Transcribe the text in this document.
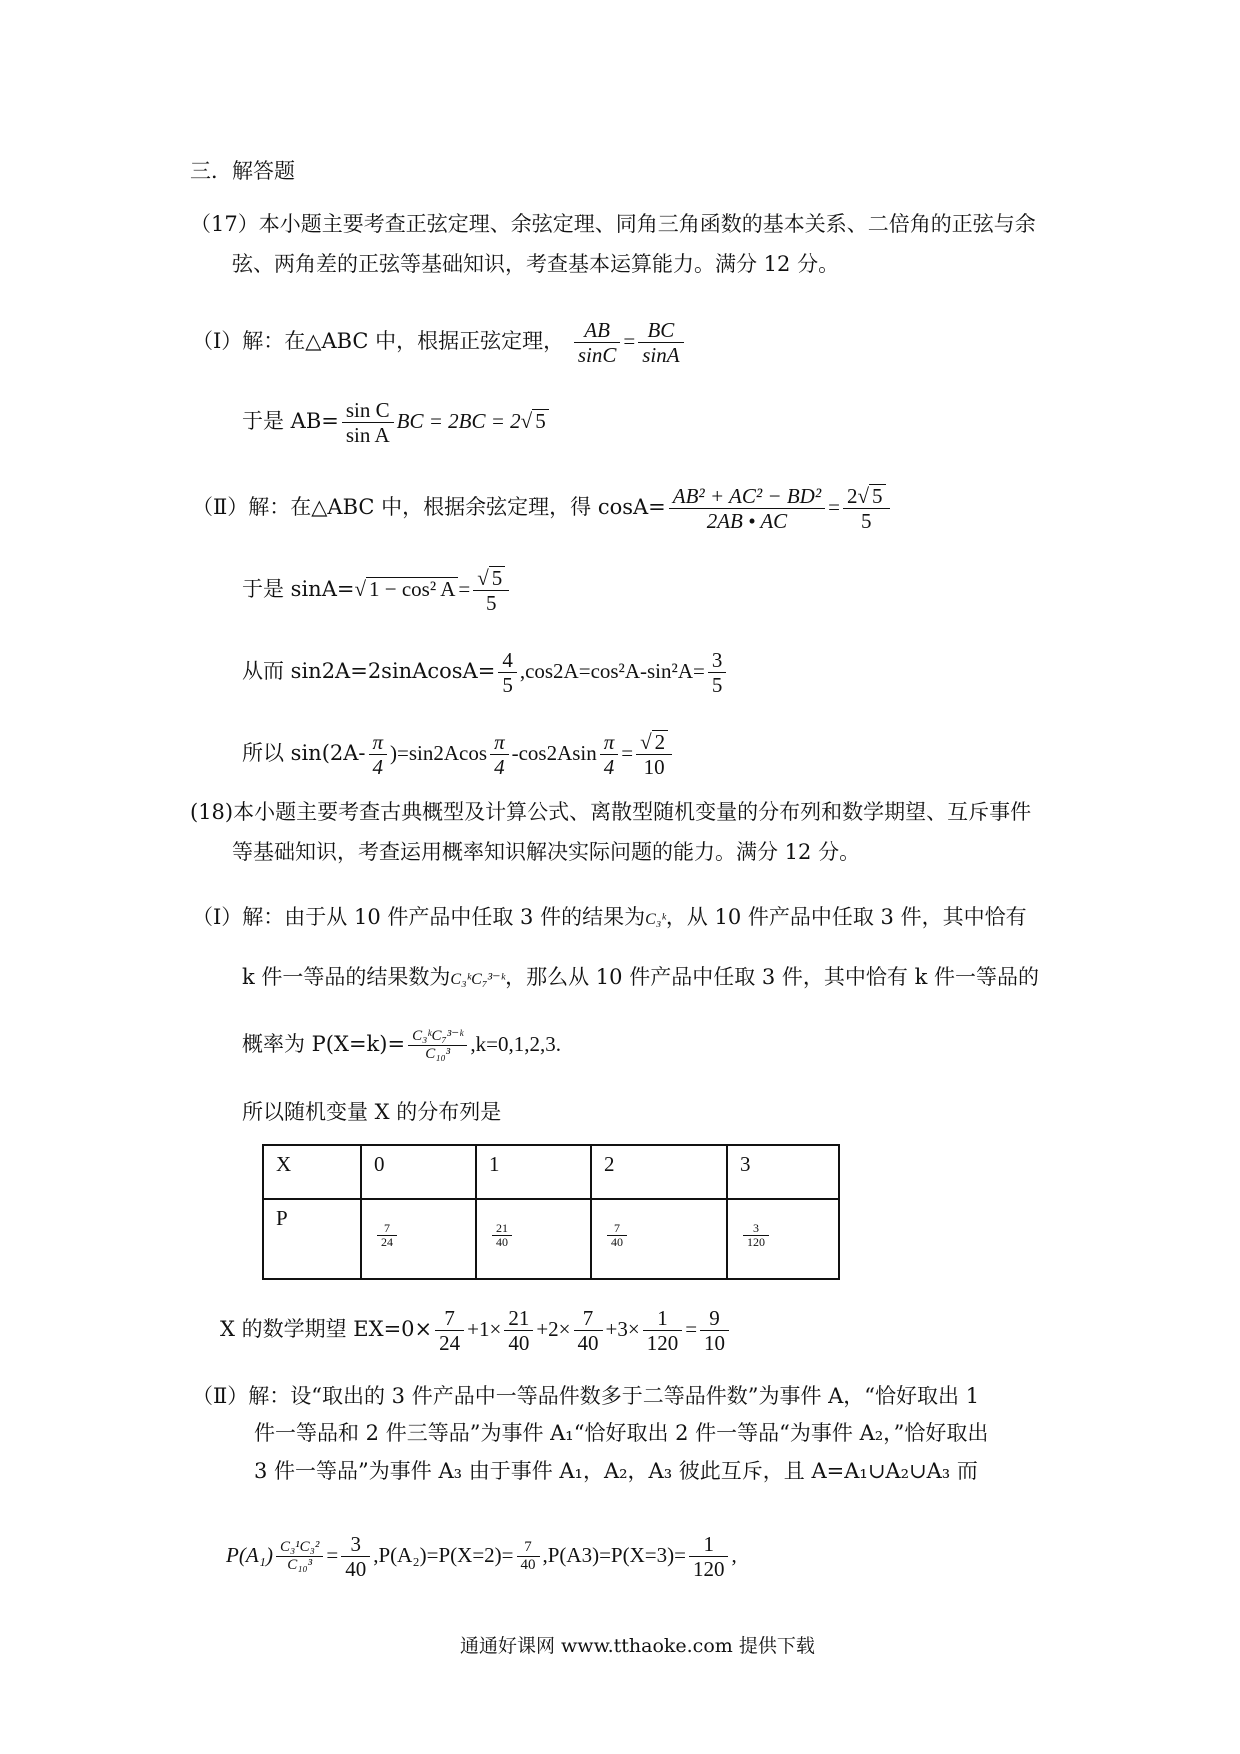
三．解答题
（17）本小题主要考查正弦定理、余弦定理、同角三角函数的基本关系、二倍角的正弦与余
弦、两角差的正弦等基础知识，考查基本运算能力。满分 12 分。
（Ⅰ）解：在△ABC 中，根据正弦定理， $\frac{AB}{\sin C} = \frac{BC}{\sin A}$
于是 $AB= \frac{\text{sin C}}{\text{sin A}}$ BC = 2BC = 2√ 5
（Ⅱ）解：在△ABC 中，根据余弦定理，得 $\cos A= \frac{\text{AB² + AC² − BD²}}{2AB • AC} = \frac{2√ 5}{5}$
于是 sinA=√ 1 − cos² $A = \frac{√ 5}{5}$
从而 sin2A=2sinAcosA= $\frac{4}{5} ,\cos 2A=\cos^2A-\sin^2A= \frac{3}{5}$
所以 $\sin(2A- \frac{\pi}{4} )=\sin 2Acos \frac{\pi}{4} -\cos 2Asin \frac{\pi}{4} = \frac{√ 2}{10}$
(18)本小题主要考查古典概型及计算公式、离散型随机变量的分布列和数学期望、互斥事件
等基础知识，考查运用概率知识解决实际问题的能力。满分 12 分。
（Ⅰ）解：由于从 10 件产品中任取 3 件的结果为C₃ᵏ，从 10 件产品中任取 3 件，其中恰有
k 件一等品的结果数为C₃ᵏC₇³⁻ᵏ，那么从 10 件产品中任取 3 件，其中恰有 k 件一等品的
概率为 $P(X=k)= \frac{\text{C₃ᵏC₇³⁻ᵏ}}{\text{C₁₀³}} ,k=0,1,2,3$.
所以随机变量 X 的分布列是
X	0	1	2	3
P	$\frac{7}{24}$	$\frac{21}{40}$	$\frac{7}{40}$	$\frac{3}{120}$
X 的数学期望 $EX=0\times \frac{7}{24} +1\times \frac{21}{40} +2\times \frac{7}{40} +3\times \frac{1}{120} = \frac{9}{10}$
（Ⅱ）解：设“取出的 3 件产品中一等品件数多于二等品件数”为事件 A，“恰好取出 1
件一等品和 2 件三等品”为事件 A₁“恰好取出 2 件一等品“为事件 A₂，”恰好取出
3 件一等品”为事件 A₃ 由于事件 A₁，A₂，A₃ 彼此互斥，且 A=A₁∪A₂∪A₃ 而
$P(A_1) \frac{\text{C₃¹C₃²}}{\text{C₁₀³}} = \frac{3}{40} ,P(A_2)=P(X=2)= \frac{7}{40} ,P(A3)=P(X=3)= \frac{1}{120}$ ,
通通好课网 www.tthaoke.com 提供下载
